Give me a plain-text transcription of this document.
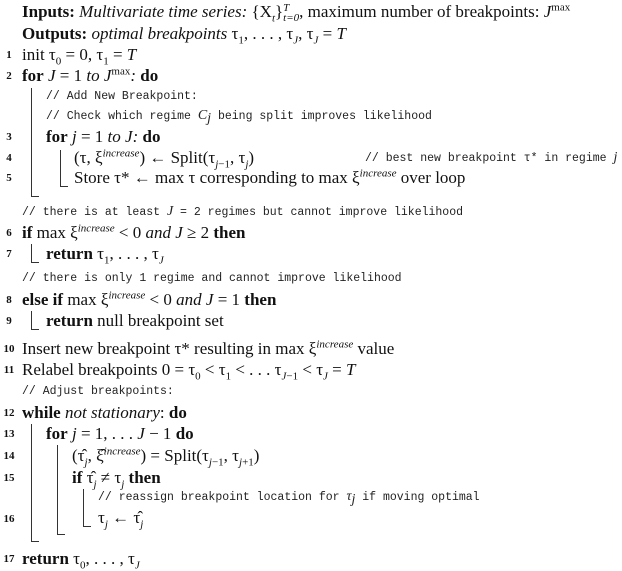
Inputs: Multivariate time series: $\{X_t\}$ T
t=0 , maximum number of breakpoints: $J^{max}$
Outputs: optimal breakpoints $\tau_1$, . . . , $\tau_J$, $\tau_J = T$
1 init $\tau_0 = 0$, $\tau_1 = T$
2 for J = 1 to $J^{max}$: do
// Add New Breakpoint:
// Check which regime $C_j$ being split improves likelihood
3 for j = 1 to J: do
4	(τ, $\xi^{increase}$) ← $Split(\tau_{j-1}$, $\tau_j$)	// best new breakpoint τ* in regime j
5	Store τ* ← max τ corresponding to $\max \xi^{increase}$ over loop
// there is at least J = 2 regimes but cannot improve likelihood
6 if $\max \xi^{increase} < 0$ and J ≥ 2 then
7 return $\tau_1$, . . . , $\tau_J$
// there is only 1 regime and cannot improve likelihood
8 else if $\max \xi^{increase} < 0$ and J = 1 then
9 return null breakpoint set
10 Insert new breakpoint τ* resulting in $\max \xi^{increase}$ value
11 Relabel breakpoints $0 = \tau_0 < \tau_1$ < . . . $\tau_{J-1} < \tau_J = T$
// Adjust breakpoints:
12 while not stationary: do
13 for j = 1, . . . J − 1 do
14	($\taû_j$, ξ̂$^{increase}$) = $Split(\tau_{j-1}$, $\tau_{j+1}$)
15	if $\taû_j \ne \tau_j$ then
// reassign breakpoint location for $\tau_j$ if moving optimal
16	$\tau_j$ ← $\taû_j$
17 return $\tau_0$, . . . , $\tau_J$
